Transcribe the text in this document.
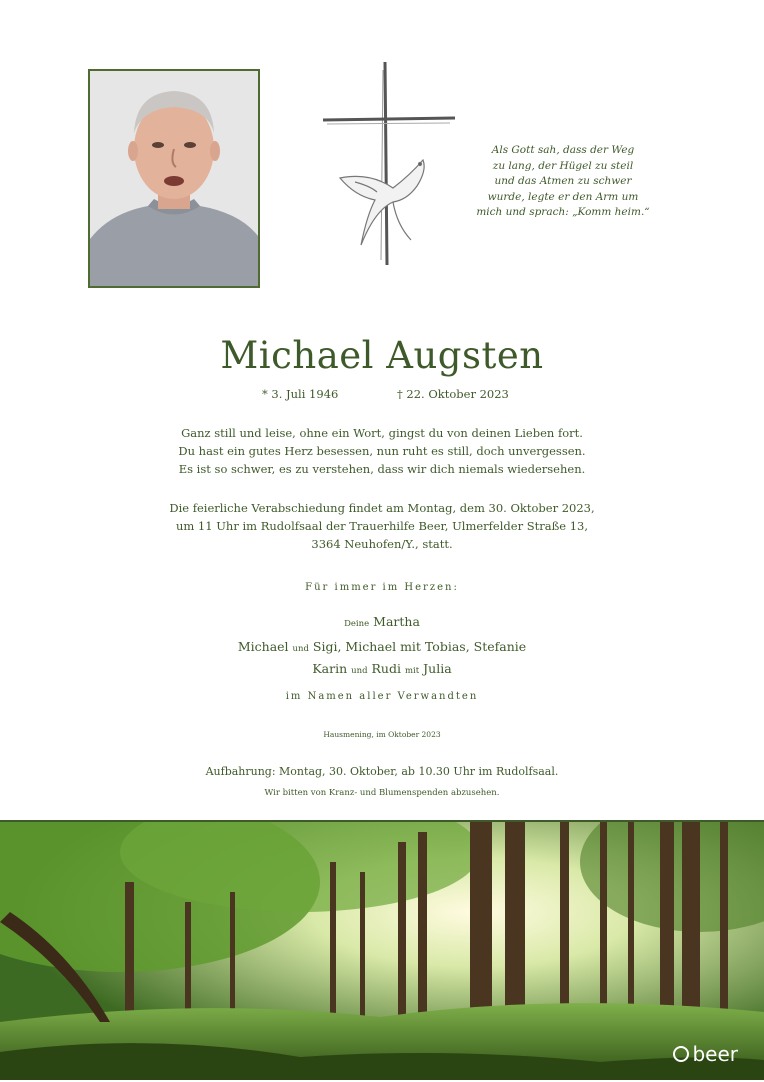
Als Gott sah, dass der Weg
zu lang, der Hügel zu steil
und das Atmen zu schwer
wurde, legte er den Arm um
mich und sprach: „Komm heim.“
Michael Augsten
* 3. Juli 1946	† 22. Oktober 2023
Ganz still und leise, ohne ein Wort, gingst du von deinen Lieben fort.
Du hast ein gutes Herz besessen, nun ruht es still, doch unvergessen.
Es ist so schwer, es zu verstehen, dass wir dich niemals wiedersehen.
Die feierliche Verabschiedung findet am Montag, dem 30. Oktober 2023,
um 11 Uhr im Rudolfsaal der Trauerhilfe Beer, Ulmerfelder Straße 13,
3364 Neuhofen/Y., statt.
Für immer im Herzen:
Deine Martha
Michael und Sigi, Michael mit Tobias, Stefanie
Karin und Rudi mit Julia
im Namen aller Verwandten
Hausmening, im Oktober 2023
Aufbahrung: Montag, 30. Oktober, ab 10.30 Uhr im Rudolfsaal.
Wir bitten von Kranz- und Blumenspenden abzusehen.
beer
